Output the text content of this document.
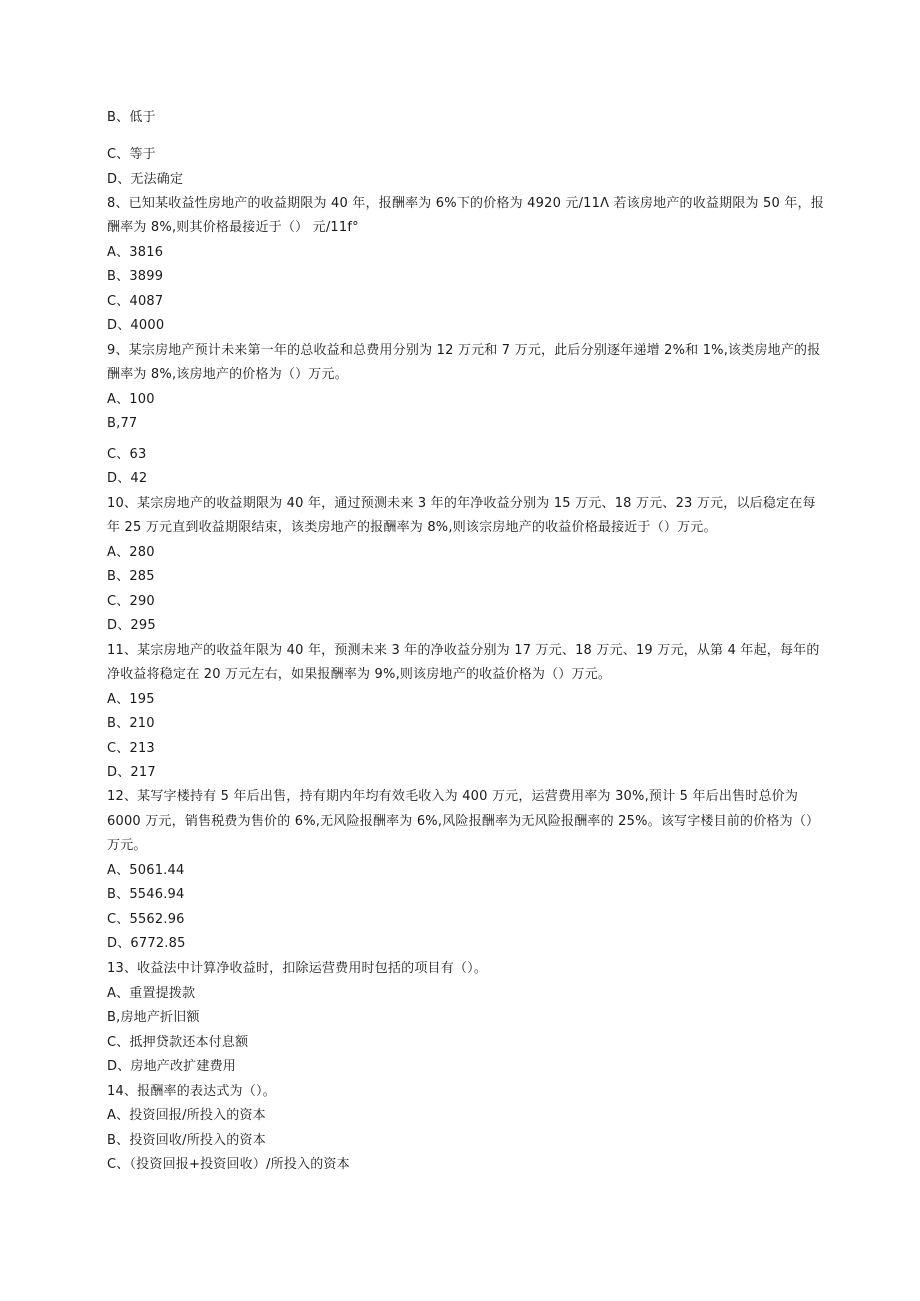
B、低于
C、等于
D、无法确定
8、已知某收益性房地产的收益期限为 40 年，报酬率为 6%下的价格为 4920 元/11Λ 若该房地产的收益期限为 50 年，报
酬率为 8%,则其价格最接近于（） 元/11f°
A、3816
B、3899
C、4087
D、4000
9、某宗房地产预计未来第一年的总收益和总费用分别为 12 万元和 7 万元，此后分别逐年递增 2%和 1%,该类房地产的报
酬率为 8%,该房地产的价格为（）万元。
A、100
B,77
C、63
D、42
10、某宗房地产的收益期限为 40 年，通过预测未来 3 年的年净收益分别为 15 万元、18 万元、23 万元，以后稳定在每
年 25 万元直到收益期限结束，该类房地产的报酬率为 8%,则该宗房地产的收益价格最接近于（）万元。
A、280
B、285
C、290
D、295
11、某宗房地产的收益年限为 40 年，预测未来 3 年的净收益分别为 17 万元、18 万元、19 万元，从第 4 年起，每年的
净收益将稳定在 20 万元左右，如果报酬率为 9%,则该房地产的收益价格为（）万元。
A、195
B、210
C、213
D、217
12、某写字楼持有 5 年后出售，持有期内年均有效毛收入为 400 万元，运营费用率为 30%,预计 5 年后出售时总价为
6000 万元，销售税费为售价的 6%,无风险报酬率为 6%,风险报酬率为无风险报酬率的 25%。该写字楼目前的价格为（）
万元。
A、5061.44
B、5546.94
C、5562.96
D、6772.85
13、收益法中计算净收益时，扣除运营费用时包括的项目有（）。
A、重置提拨款
B,房地产折旧额
C、抵押贷款还本付息额
D、房地产改扩建费用
14、报酬率的表达式为（）。
A、投资回报/所投入的资本
B、投资回收/所投入的资本
C、（投资回报+投资回收）/所投入的资本
